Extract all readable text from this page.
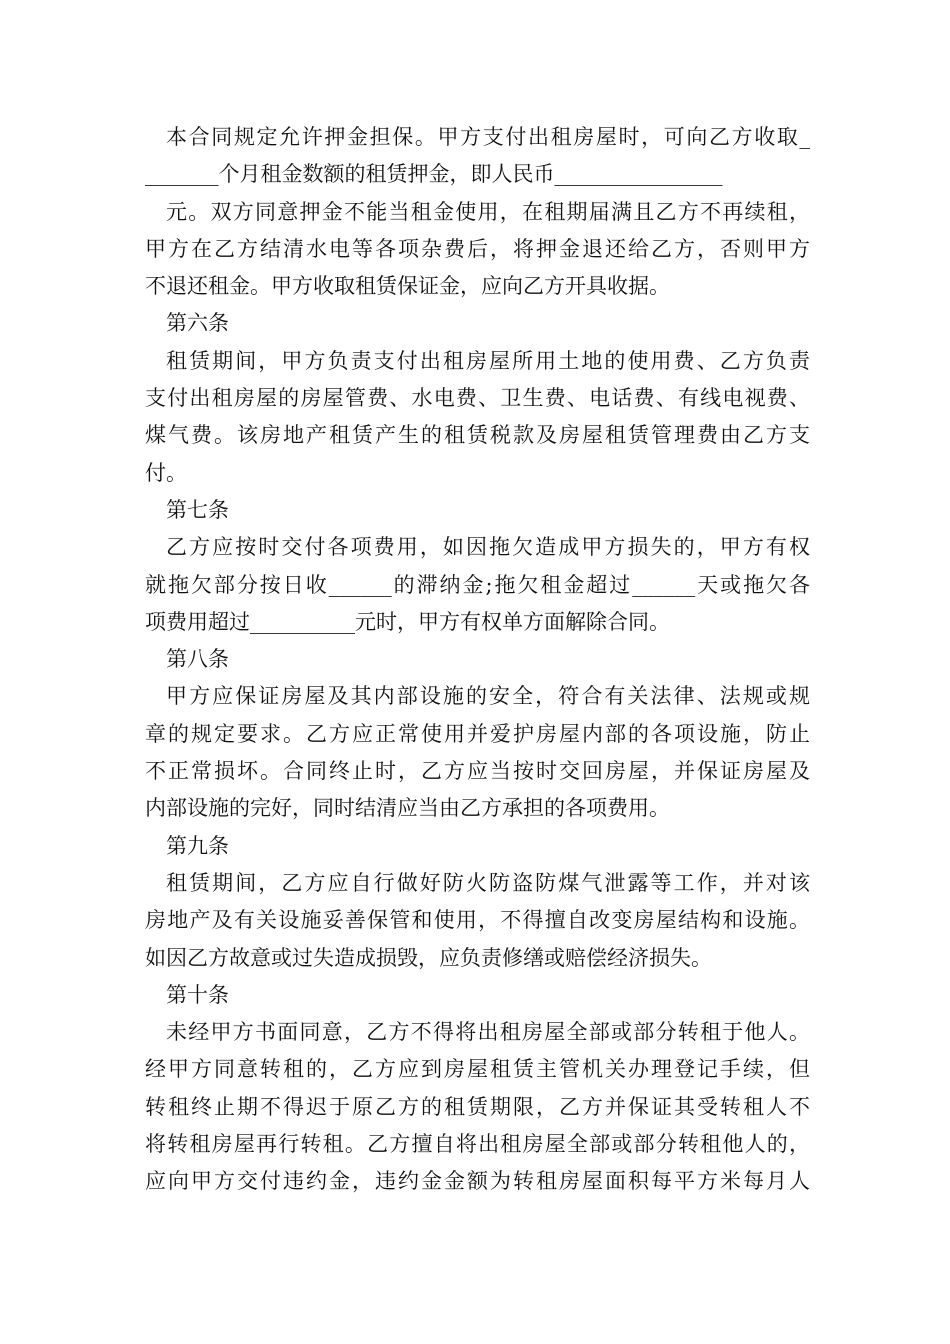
本合同规定允许押金担保。甲方支付出租房屋时，可向乙方收取_
_______个月租金数额的租赁押金，即人民币________________
元。双方同意押金不能当租金使用，在租期届满且乙方不再续租，
甲方在乙方结清水电等各项杂费后，将押金退还给乙方，否则甲方
不退还租金。甲方收取租赁保证金，应向乙方开具收据。
第六条
租赁期间，甲方负责支付出租房屋所用土地的使用费、乙方负责
支付出租房屋的房屋管费、水电费、卫生费、电话费、有线电视费、
煤气费。该房地产租赁产生的租赁税款及房屋租赁管理费由乙方支
付。
第七条
乙方应按时交付各项费用，如因拖欠造成甲方损失的，甲方有权
就拖欠部分按日收______的滞纳金;拖欠租金超过______天或拖欠各
项费用超过__________元时，甲方有权单方面解除合同。
第八条
甲方应保证房屋及其内部设施的安全，符合有关法律、法规或规
章的规定要求。乙方应正常使用并爱护房屋内部的各项设施，防止
不正常损坏。合同终止时，乙方应当按时交回房屋，并保证房屋及
内部设施的完好，同时结清应当由乙方承担的各项费用。
第九条
租赁期间，乙方应自行做好防火防盗防煤气泄露等工作，并对该
房地产及有关设施妥善保管和使用，不得擅自改变房屋结构和设施。
如因乙方故意或过失造成损毁，应负责修缮或赔偿经济损失。
第十条
未经甲方书面同意，乙方不得将出租房屋全部或部分转租于他人。
经甲方同意转租的，乙方应到房屋租赁主管机关办理登记手续，但
转租终止期不得迟于原乙方的租赁期限，乙方并保证其受转租人不
将转租房屋再行转租。乙方擅自将出租房屋全部或部分转租他人的，
应向甲方交付违约金，违约金金额为转租房屋面积每平方米每月人
